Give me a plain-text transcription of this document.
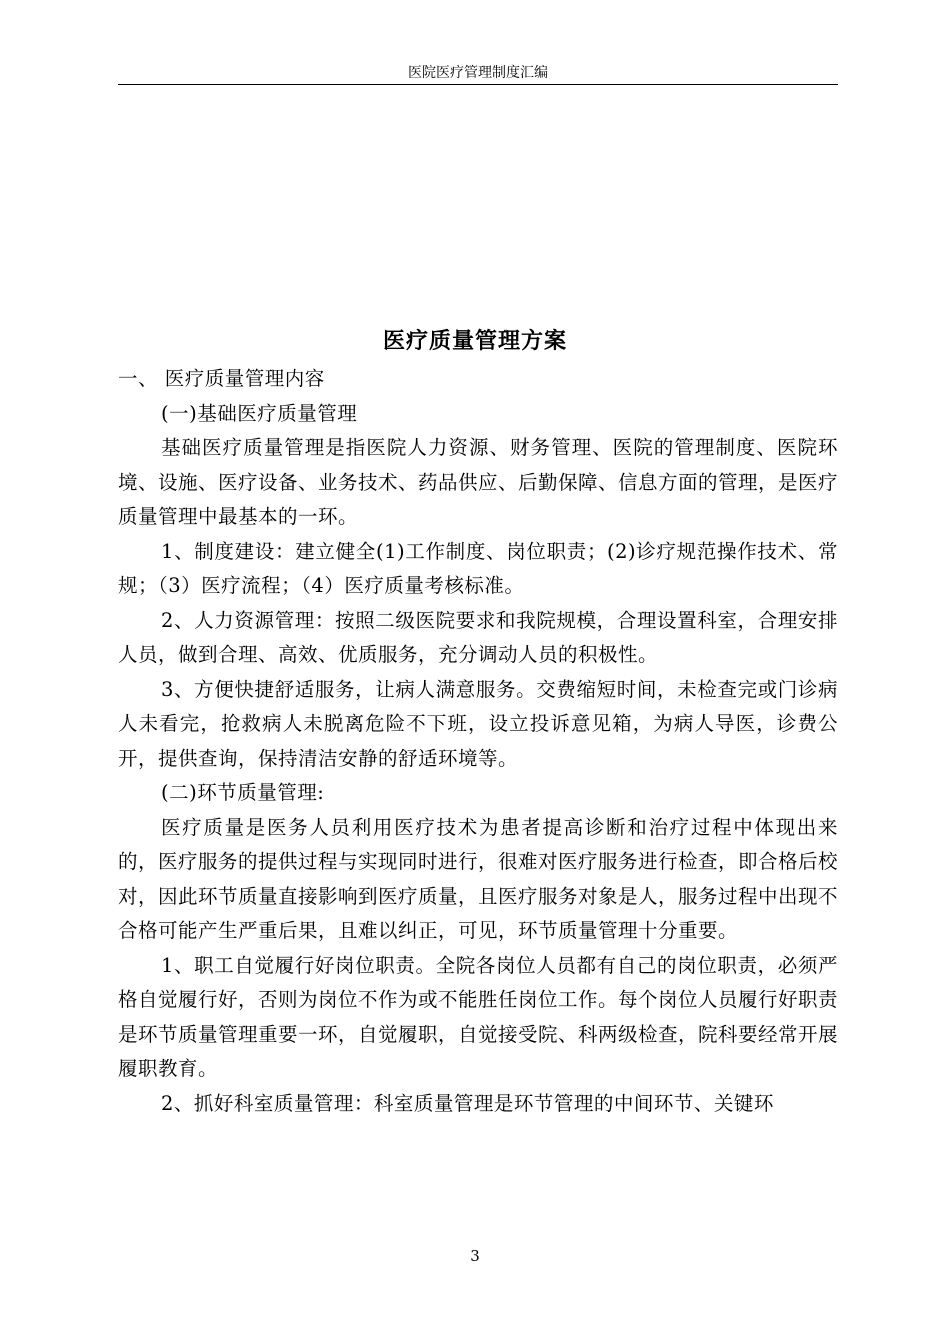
医院医疗管理制度汇编
医疗质量管理方案

一、 医疗质量管理内容

(一)基础医疗质量管理

基础医疗质量管理是指医院人力资源、财务管理、医院的管理制度、医院环境、设施、医疗设备、业务技术、药品供应、后勤保障、信息方面的管理，是医疗质量管理中最基本的一环。

1、制度建设：建立健全(1)工作制度、岗位职责；(2)诊疗规范操作技术、常规；（3）医疗流程；（4）医疗质量考核标准。

2、人力资源管理：按照二级医院要求和我院规模，合理设置科室，合理安排人员，做到合理、高效、优质服务，充分调动人员的积极性。

3、方便快捷舒适服务，让病人满意服务。交费缩短时间，未检查完或门诊病人未看完，抢救病人未脱离危险不下班，设立投诉意见箱，为病人导医，诊费公开，提供查询，保持清洁安静的舒适环境等。

(二)环节质量管理:

医疗质量是医务人员利用医疗技术为患者提高诊断和治疗过程中体现出来的，医疗服务的提供过程与实现同时进行，很难对医疗服务进行检查，即合格后校对，因此环节质量直接影响到医疗质量，且医疗服务对象是人，服务过程中出现不合格可能产生严重后果，且难以纠正，可见，环节质量管理十分重要。

1、职工自觉履行好岗位职责。全院各岗位人员都有自己的岗位职责，必须严格自觉履行好，否则为岗位不作为或不能胜任岗位工作。每个岗位人员履行好职责是环节质量管理重要一环，自觉履职，自觉接受院、科两级检查，院科要经常开展履职教育。

2、抓好科室质量管理：科室质量管理是环节管理的中间环节、关键环

3
